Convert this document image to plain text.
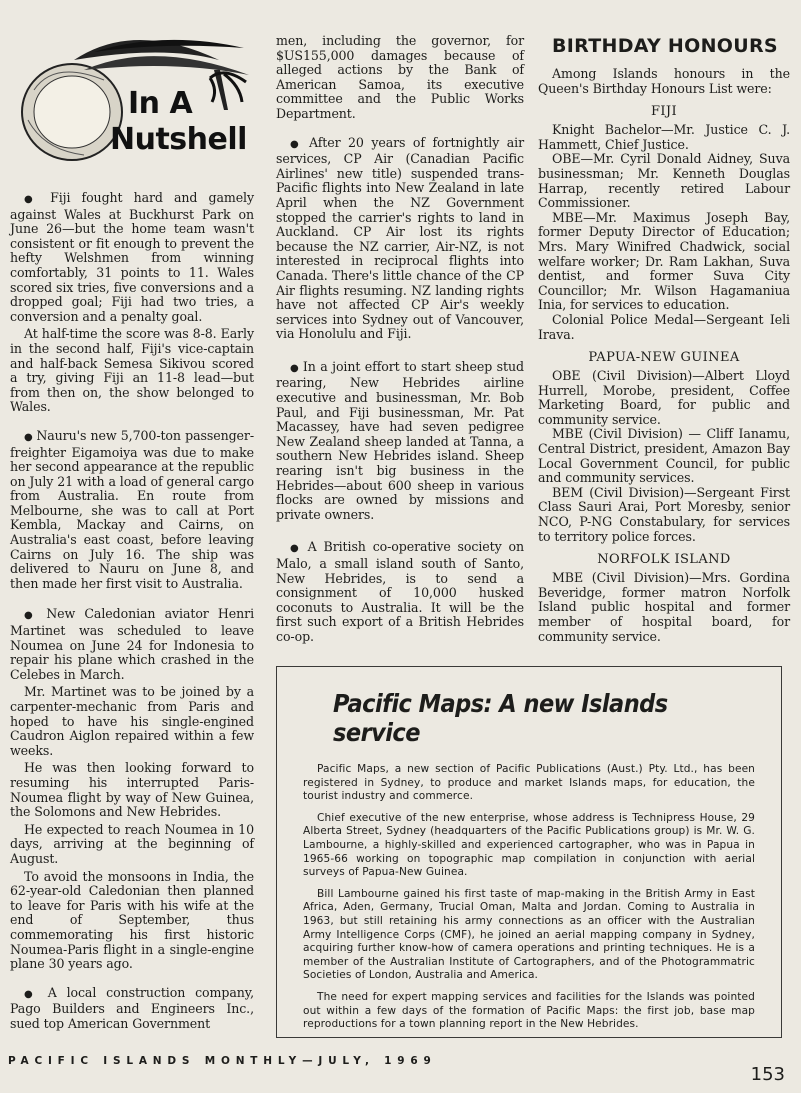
In A
Nutshell

● Fiji fought hard and gamely against Wales at Buckhurst Park on June 26—but the home team wasn't consistent or fit enough to prevent the hefty Welshmen from winning comfortably, 31 points to 11. Wales scored six tries, five conversions and a dropped goal; Fiji had two tries, a conversion and a penalty goal.

At half-time the score was 8-8. Early in the second half, Fiji's vice-captain and half-back Semesa Sikivou scored a try, giving Fiji an 11-8 lead—but from then on, the show belonged to Wales.

● Nauru's new 5,700-ton passenger-freighter Eigamoiya was due to make her second appearance at the republic on July 21 with a load of general cargo from Australia. En route from Melbourne, she was to call at Port Kembla, Mackay and Cairns, on Australia's east coast, before leaving Cairns on July 16. The ship was delivered to Nauru on June 8, and then made her first visit to Australia.

● New Caledonian aviator Henri Martinet was scheduled to leave Noumea on June 24 for Indonesia to repair his plane which crashed in the Celebes in March.

Mr. Martinet was to be joined by a carpenter-mechanic from Paris and hoped to have his single-engined Caudron Aiglon repaired within a few weeks.

He was then looking forward to resuming his interrupted Paris-Noumea flight by way of New Guinea, the Solomons and New Hebrides.

He expected to reach Noumea in 10 days, arriving at the beginning of August.

To avoid the monsoons in India, the 62-year-old Caledonian then planned to leave for Paris with his wife at the end of September, thus commemorating his first historic Noumea-Paris flight in a single-engine plane 30 years ago.

● A local construction company, Pago Builders and Engineers Inc., sued top American Government

men, including the governor, for $US155,000 damages because of alleged actions by the Bank of American Samoa, its executive committee and the Public Works Department.

● After 20 years of fortnightly air services, CP Air (Canadian Pacific Airlines' new title) suspended trans-Pacific flights into New Zealand in late April when the NZ Government stopped the carrier's rights to land in Auckland. CP Air lost its rights because the NZ carrier, Air-NZ, is not interested in reciprocal flights into Canada. There's little chance of the CP Air flights resuming. NZ landing rights have not affected CP Air's weekly services into Sydney out of Vancouver, via Honolulu and Fiji.

● In a joint effort to start sheep stud rearing, New Hebrides airline executive and businessman, Mr. Bob Paul, and Fiji businessman, Mr. Pat Macassey, have had seven pedigree New Zealand sheep landed at Tanna, a southern New Hebrides island. Sheep rearing isn't big business in the Hebrides—about 600 sheep in various flocks are owned by missions and private owners.

● A British co-operative society on Malo, a small island south of Santo, New Hebrides, is to send a consignment of 10,000 husked coconuts to Australia. It will be the first such export of a British Hebrides co-op.

BIRTHDAY HONOURS

Among Islands honours in the Queen's Birthday Honours List were:

FIJI

Knight Bachelor—Mr. Justice C. J. Hammett, Chief Justice.

OBE—Mr. Cyril Donald Aidney, Suva businessman; Mr. Kenneth Douglas Harrap, recently retired Labour Commissioner.

MBE—Mr. Maximus Joseph Bay, former Deputy Director of Education; Mrs. Mary Winifred Chadwick, social welfare worker; Dr. Ram Lakhan, Suva dentist, and former Suva City Councillor; Mr. Wilson Hagamaniua Inia, for services to education.

Colonial Police Medal—Sergeant Ieli Irava.

PAPUA-NEW GUINEA

OBE (Civil Division)—Albert Lloyd Hurrell, Morobe, president, Coffee Marketing Board, for public and community service.

MBE (Civil Division) — Cliff Ianamu, Central District, president, Amazon Bay Local Government Council, for public and community services.

BEM (Civil Division)—Sergeant First Class Sauri Arai, Port Moresby, senior NCO, P-NG Constabulary, for services to territory police forces.

NORFOLK ISLAND

MBE (Civil Division)—Mrs. Gordina Beveridge, former matron Norfolk Island public hospital and former member of hospital board, for community service.

Pacific Maps: A new Islands service

Pacific Maps, a new section of Pacific Publications (Aust.) Pty. Ltd., has been registered in Sydney, to produce and market Islands maps, for education, the tourist industry and commerce.

Chief executive of the new enterprise, whose address is Technipress House, 29 Alberta Street, Sydney (headquarters of the Pacific Publications group) is Mr. W. G. Lambourne, a highly-skilled and experienced cartographer, who was in Papua in 1965-66 working on topographic map compilation in conjunction with aerial surveys of Papua-New Guinea.

Bill Lambourne gained his first taste of map-making in the British Army in East Africa, Aden, Germany, Trucial Oman, Malta and Jordan. Coming to Australia in 1963, but still retaining his army connections as an officer with the Australian Army Intelligence Corps (CMF), he joined an aerial mapping company in Sydney, acquiring further know-how of camera operations and printing techniques. He is a member of the Australian Institute of Cartographers, and of the Photogrammatric Societies of London, Australia and America.

The need for expert mapping services and facilities for the Islands was pointed out within a few days of the formation of Pacific Maps: the first job, base map reproductions for a town planning report in the New Hebrides.

PACIFIC ISLANDS MONTHLY—JULY, 1969
153
